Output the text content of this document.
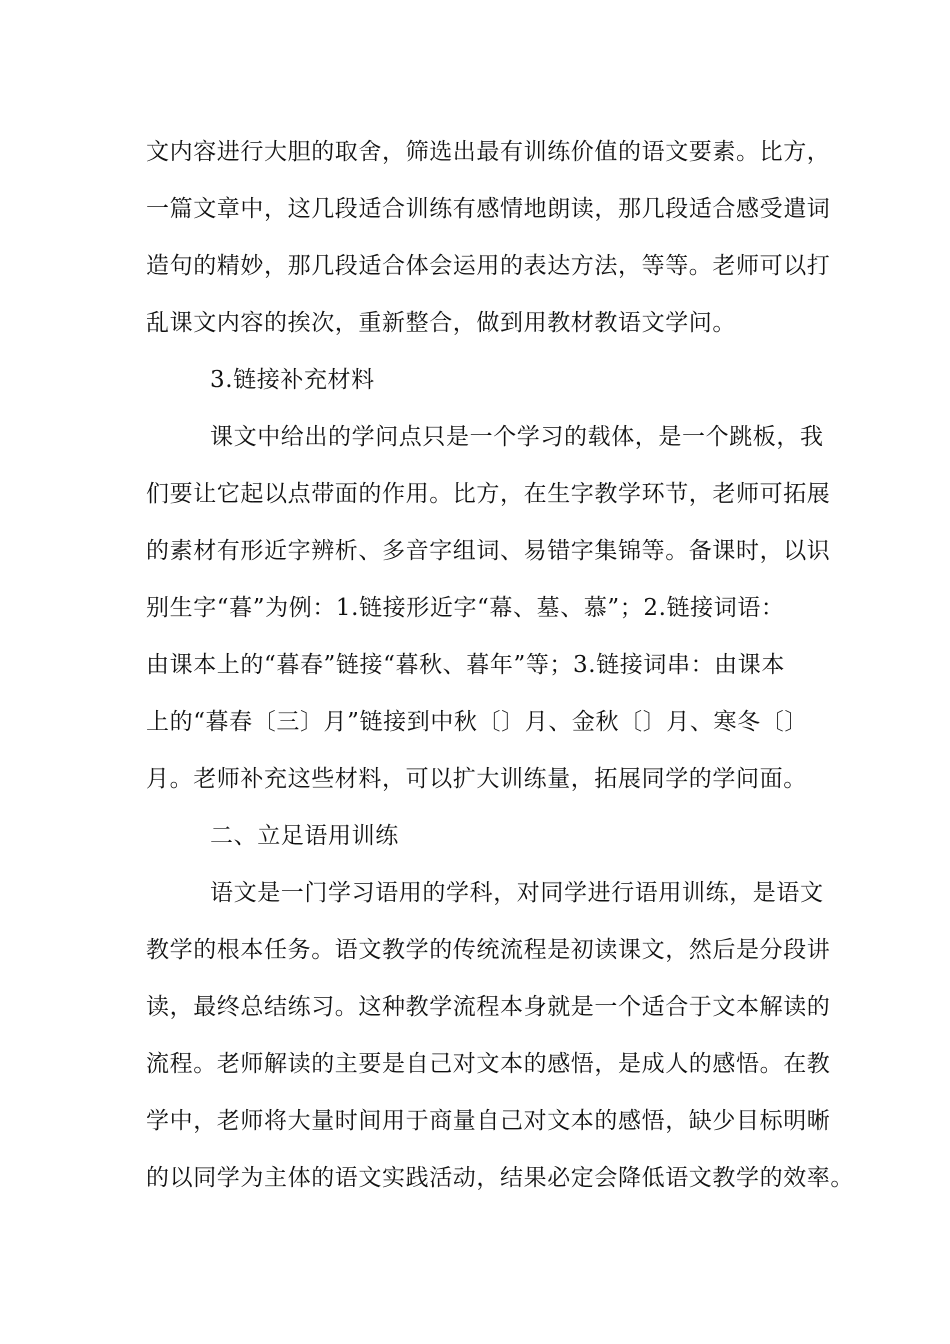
文内容进行大胆的取舍，筛选出最有训练价值的语文要素。比方，
一篇文章中，这几段适合训练有感情地朗读，那几段适合感受遣词
造句的精妙，那几段适合体会运用的表达方法，等等。老师可以打
乱课文内容的挨次，重新整合，做到用教材教语文学问。
3.链接补充材料
课文中给出的学问点只是一个学习的载体，是一个跳板，我
们要让它起以点带面的作用。比方，在生字教学环节，老师可拓展
的素材有形近字辨析、多音字组词、易错字集锦等。备课时，以识
别生字“暮”为例：1.链接形近字“幕、墓、慕”；2.链接词语：
由课本上的“暮春”链接“暮秋、暮年”等；3.链接词串：由课本
上的“暮春〔三〕月”链接到中秋〔〕月、金秋〔〕月、寒冬〔〕
月。老师补充这些材料，可以扩大训练量，拓展同学的学问面。
二、立足语用训练
语文是一门学习语用的学科，对同学进行语用训练，是语文
教学的根本任务。语文教学的传统流程是初读课文，然后是分段讲
读，最终总结练习。这种教学流程本身就是一个适合于文本解读的
流程。老师解读的主要是自己对文本的感悟，是成人的感悟。在教
学中，老师将大量时间用于商量自己对文本的感悟，缺少目标明晰
的以同学为主体的语文实践活动，结果必定会降低语文教学的效率。
